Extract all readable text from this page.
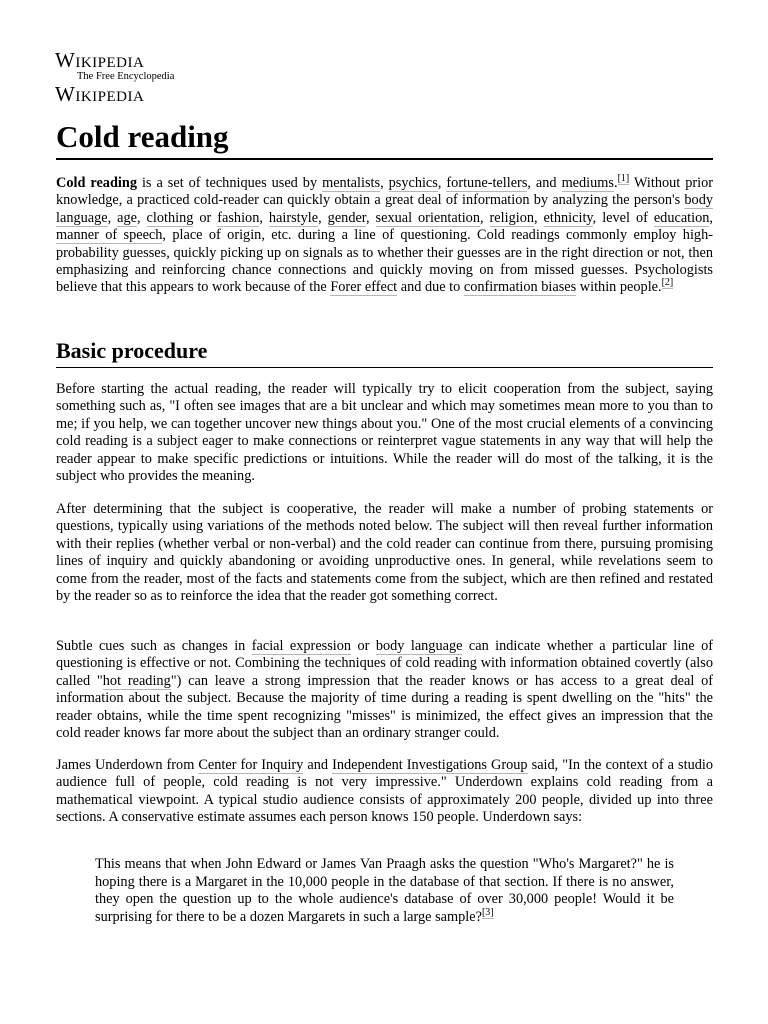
Wikipedia
The Free Encyclopedia
Wikipedia
Cold reading

Cold reading is a set of techniques used by mentalists, psychics, fortune-tellers, and mediums.[1] Without prior knowledge, a practiced cold-reader can quickly obtain a great deal of information by analyzing the person's body language, age, clothing or fashion, hairstyle, gender, sexual orientation, religion, ethnicity, level of education, manner of speech, place of origin, etc. during a line of questioning. Cold readings commonly employ high-probability guesses, quickly picking up on signals as to whether their guesses are in the right direction or not, then emphasizing and reinforcing chance connections and quickly moving on from missed guesses. Psychologists believe that this appears to work because of the Forer effect and due to confirmation biases within people.[2]

Basic procedure

Before starting the actual reading, the reader will typically try to elicit cooperation from the subject, saying something such as, "I often see images that are a bit unclear and which may sometimes mean more to you than to me; if you help, we can together uncover new things about you." One of the most crucial elements of a convincing cold reading is a subject eager to make connections or reinterpret vague statements in any way that will help the reader appear to make specific predictions or intuitions. While the reader will do most of the talking, it is the subject who provides the meaning.

After determining that the subject is cooperative, the reader will make a number of probing statements or questions, typically using variations of the methods noted below. The subject will then reveal further information with their replies (whether verbal or non-verbal) and the cold reader can continue from there, pursuing promising lines of inquiry and quickly abandoning or avoiding unproductive ones. In general, while revelations seem to come from the reader, most of the facts and statements come from the subject, which are then refined and restated by the reader so as to reinforce the idea that the reader got something correct.

Subtle cues such as changes in facial expression or body language can indicate whether a particular line of questioning is effective or not. Combining the techniques of cold reading with information obtained covertly (also called "hot reading") can leave a strong impression that the reader knows or has access to a great deal of information about the subject. Because the majority of time during a reading is spent dwelling on the "hits" the reader obtains, while the time spent recognizing "misses" is minimized, the effect gives an impression that the cold reader knows far more about the subject than an ordinary stranger could.

James Underdown from Center for Inquiry and Independent Investigations Group said, "In the context of a studio audience full of people, cold reading is not very impressive." Underdown explains cold reading from a mathematical viewpoint. A typical studio audience consists of approximately 200 people, divided up into three sections. A conservative estimate assumes each person knows 150 people. Underdown says:

This means that when John Edward or James Van Praagh asks the question "Who's Margaret?" he is hoping there is a Margaret in the 10,000 people in the database of that section. If there is no answer, they open the question up to the whole audience's database of over 30,000 people! Would it be surprising for there to be a dozen Margarets in such a large sample?[3]
